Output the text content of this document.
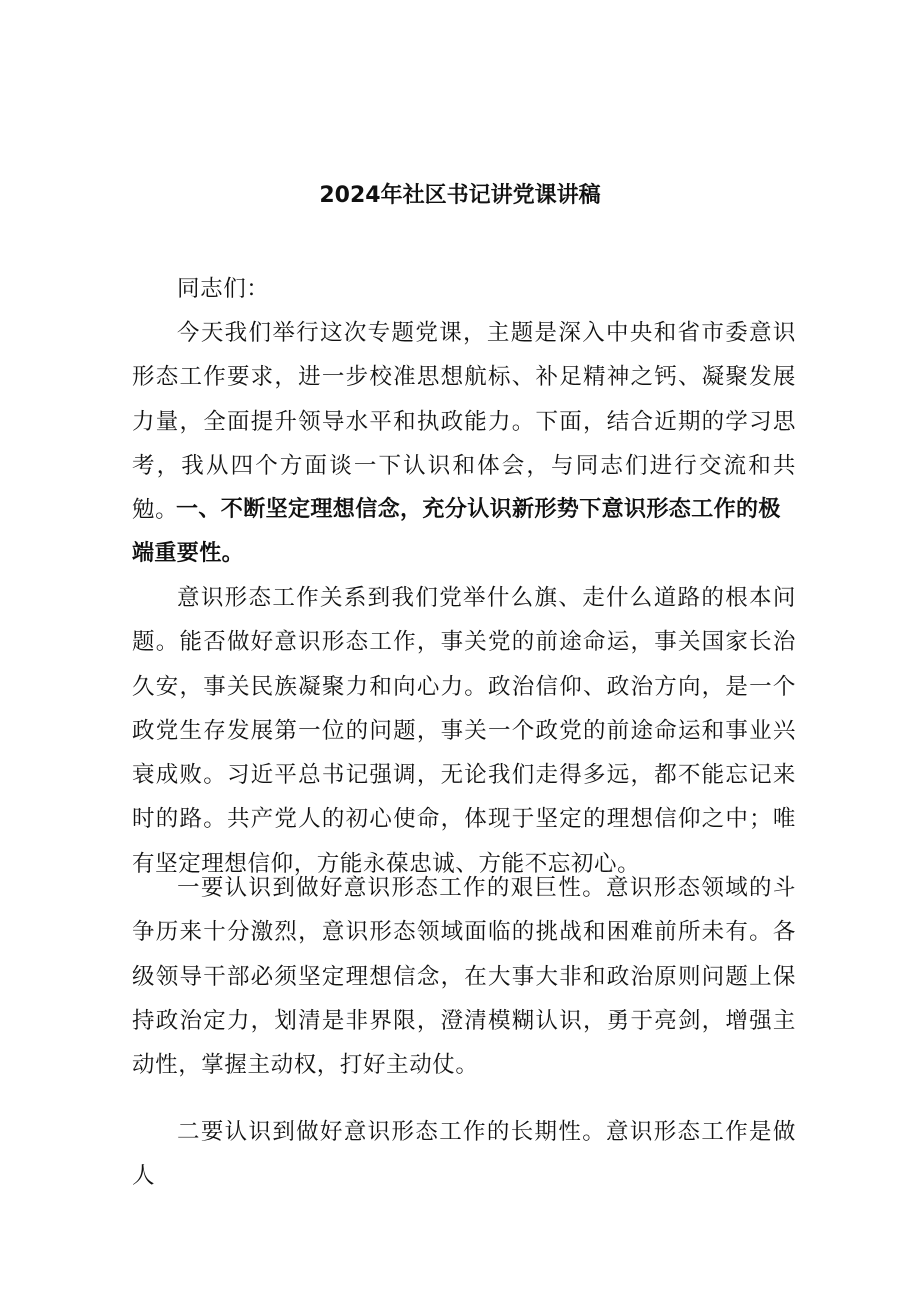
2024年社区书记讲党课讲稿

同志们：

今天我们举行这次专题党课，主题是深入中央和省市委意识形态工作要求，进一步校准思想航标、补足精神之钙、凝聚发展力量，全面提升领导水平和执政能力。下面，结合近期的学习思考，我从四个方面谈一下认识和体会，与同志们进行交流和共勉。

一、不断坚定理想信念，充分认识新形势下意识形态工作的极端重要性。

意识形态工作关系到我们党举什么旗、走什么道路的根本问题。能否做好意识形态工作，事关党的前途命运，事关国家长治久安，事关民族凝聚力和向心力。政治信仰、政治方向，是一个政党生存发展第一位的问题，事关一个政党的前途命运和事业兴衰成败。习近平总书记强调，无论我们走得多远，都不能忘记来时的路。共产党人的初心使命，体现于坚定的理想信仰之中；唯有坚定理想信仰，方能永葆忠诚、方能不忘初心。

一要认识到做好意识形态工作的艰巨性。意识形态领域的斗争历来十分激烈，意识形态领域面临的挑战和困难前所未有。各级领导干部必须坚定理想信念，在大事大非和政治原则问题上保持政治定力，划清是非界限，澄清模糊认识，勇于亮剑，增强主动性，掌握主动权，打好主动仗。

二要认识到做好意识形态工作的长期性。意识形态工作是做人
